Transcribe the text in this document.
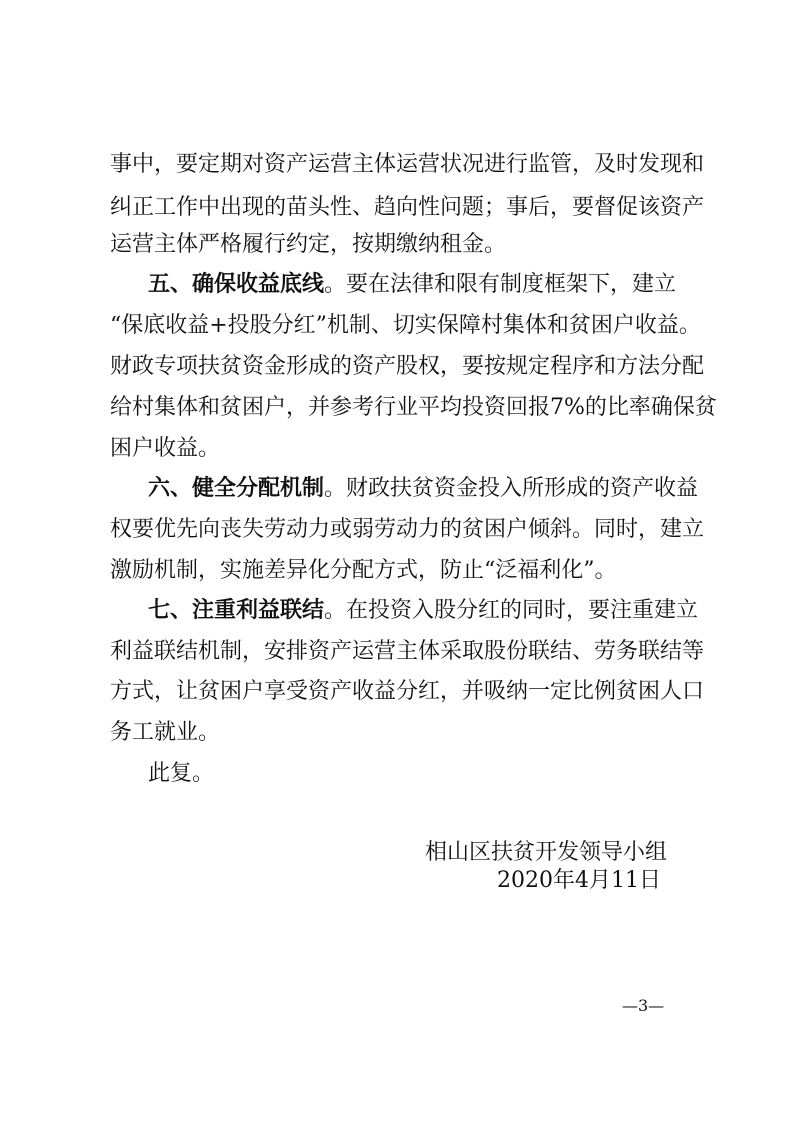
事中，要定期对资产运营主体运营状况进行监管，及时发现和
纠正工作中出现的苗头性、趋向性问题；事后，要督促该资产
运营主体严格履行约定，按期缴纳租金。
五、确保收益底线。要在法律和限有制度框架下，建立
“保底收益+投股分红”机制、切实保障村集体和贫困户收益。
财政专项扶贫资金形成的资产股权，要按规定程序和方法分配
给村集体和贫困户，并参考行业平均投资回报7%的比率确保贫
困户收益。
六、健全分配机制。财政扶贫资金投入所形成的资产收益
权要优先向丧失劳动力或弱劳动力的贫困户倾斜。同时，建立
激励机制，实施差异化分配方式，防止“泛福利化”。
七、注重利益联结。在投资入股分红的同时，要注重建立
利益联结机制，安排资产运营主体采取股份联结、劳务联结等
方式，让贫困户享受资产收益分红，并吸纳一定比例贫困人口
务工就业。
此复。
相山区扶贫开发领导小组
2020年4月11日
—3—
